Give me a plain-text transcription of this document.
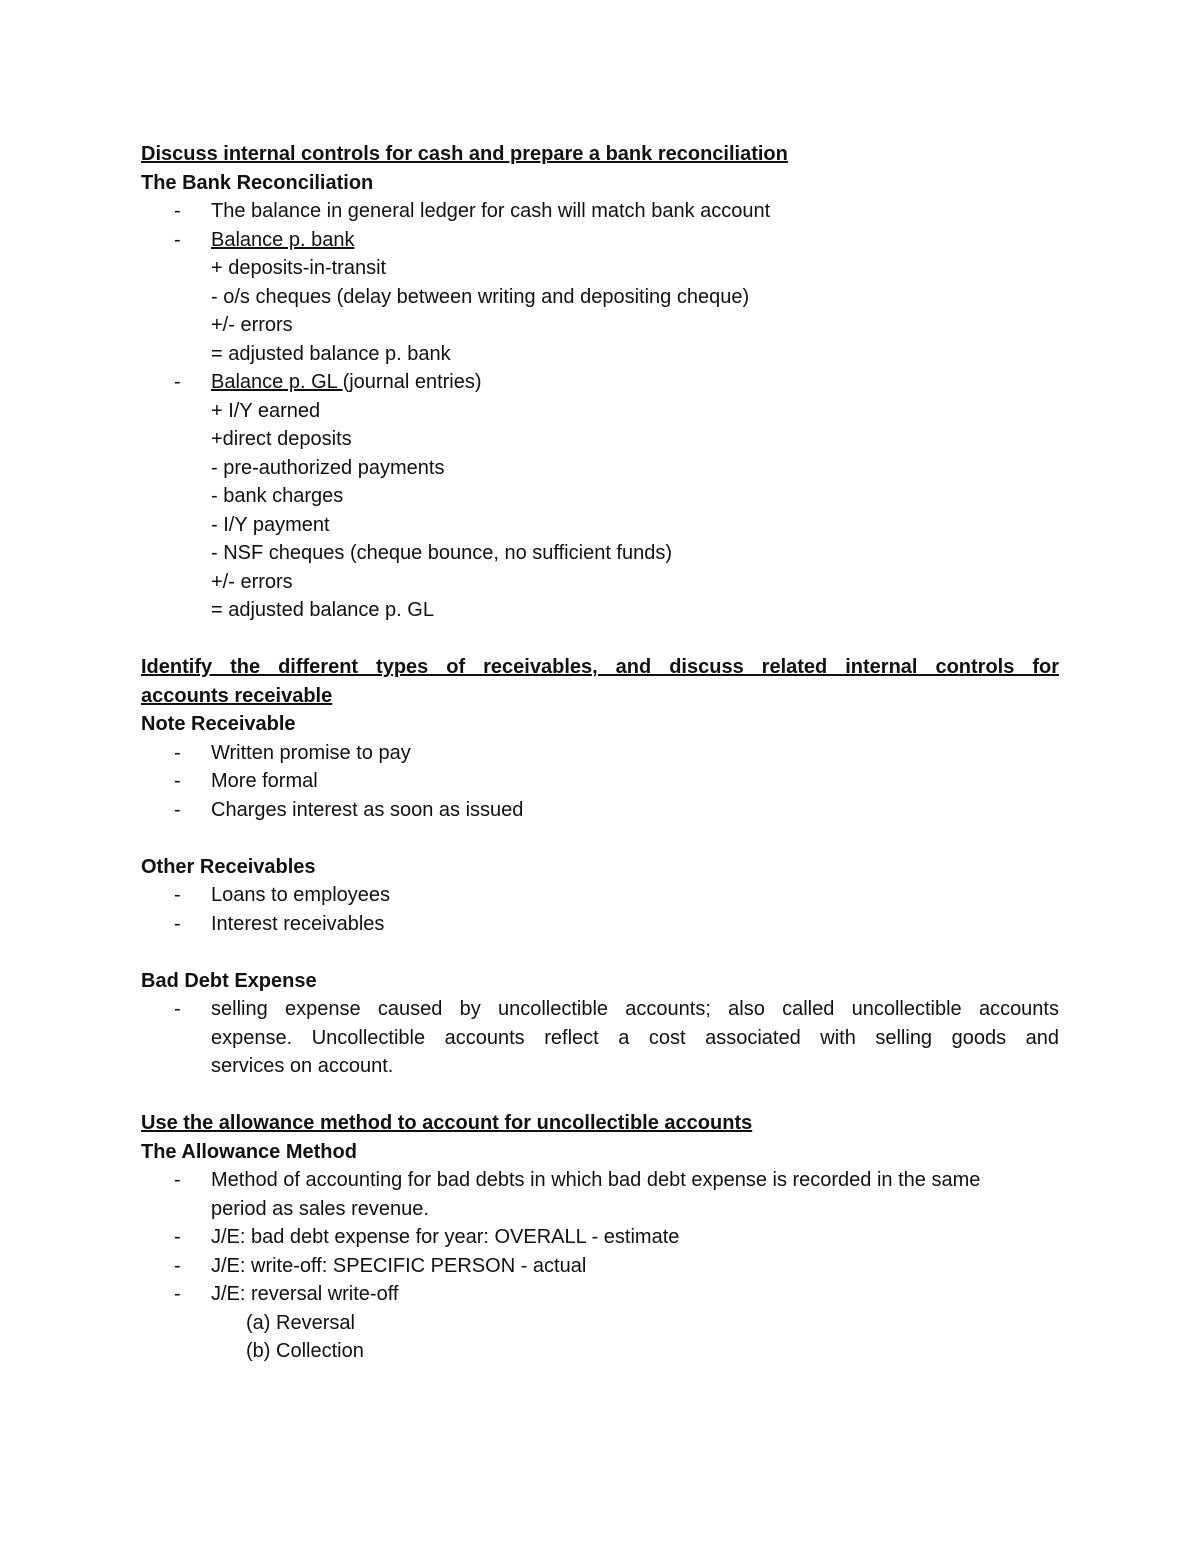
Discuss internal controls for cash and prepare a bank reconciliation
The Bank Reconciliation
- The balance in general ledger for cash will match bank account
- Balance p. bank
+ deposits-in-transit
- o/s cheques (delay between writing and depositing cheque)
+/- errors
= adjusted balance p. bank
- Balance p. GL (journal entries)
+ I/Y earned
+direct deposits
- pre-authorized payments
- bank charges
- I/Y payment
- NSF cheques (cheque bounce, no sufficient funds)
+/- errors
= adjusted balance p. GL
Identify the different types of receivables, and discuss related internal controls for
accounts receivable
Note Receivable
- Written promise to pay
- More formal
- Charges interest as soon as issued
Other Receivables
- Loans to employees
- Interest receivables
Bad Debt Expense
- selling expense caused by uncollectible accounts; also called uncollectible accounts
expense. Uncollectible accounts reflect a cost associated with selling goods and
services on account.
Use the allowance method to account for uncollectible accounts
The Allowance Method
- Method of accounting for bad debts in which bad debt expense is recorded in the same
period as sales revenue.
- J/E: bad debt expense for year: OVERALL - estimate
- J/E: write-off: SPECIFIC PERSON - actual
- J/E: reversal write-off
(a) Reversal
(b) Collection
